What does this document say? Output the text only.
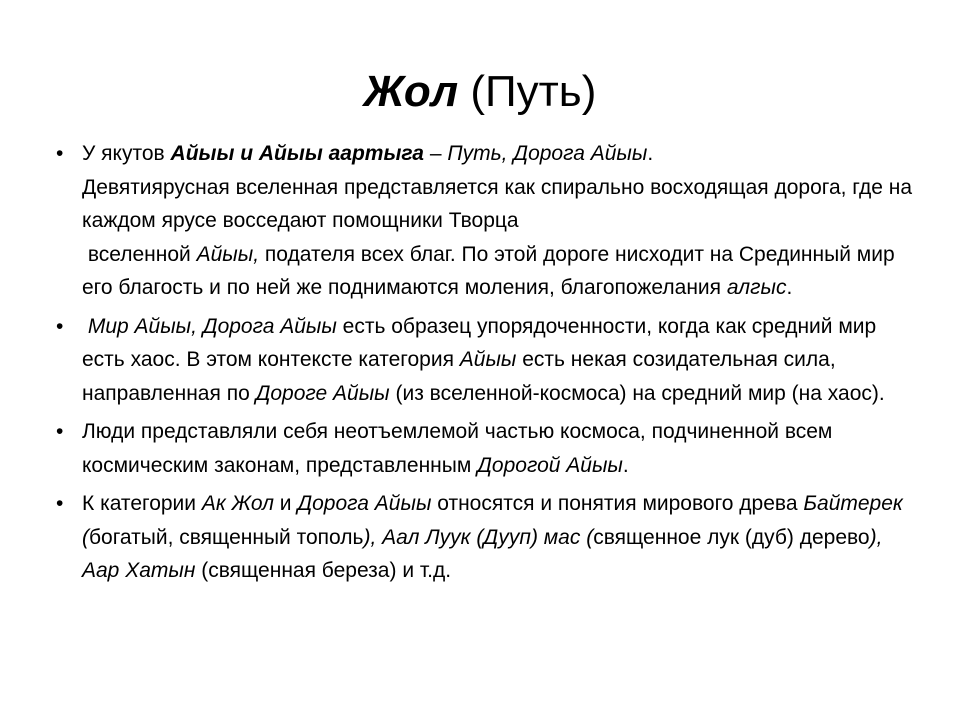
Жол (Путь)
• У якутов Айыы и Айыы аартыга – Путь, Дорога Айыы.
Девятиярусная вселенная представляется как спирально восходящая дорога, где на каждом ярусе восседают помощники Творца
вселенной Айыы, подателя всех благ. По этой дороге нисходит на Срединный мир его благость и по ней же поднимаются моления, благопожелания алгыс.
• Мир Айыы, Дорога Айыы есть образец упорядоченности, когда как средний мир есть хаос. В этом контексте категория Айыы есть некая созидательная сила, направленная по Дороге Айыы (из вселенной-космоса) на средний мир (на хаос).
• Люди представляли себя неотъемлемой частью космоса, подчиненной всем космическим законам, представленным Дорогой Айыы.
• К категории Ак Жол и Дорога Айыы относятся и понятия мирового древа Байтерек (богатый, священный тополь), Аал Луук (Дууп) мас (священное лук (дуб) дерево), Аар Хатын (священная береза) и т.д.
